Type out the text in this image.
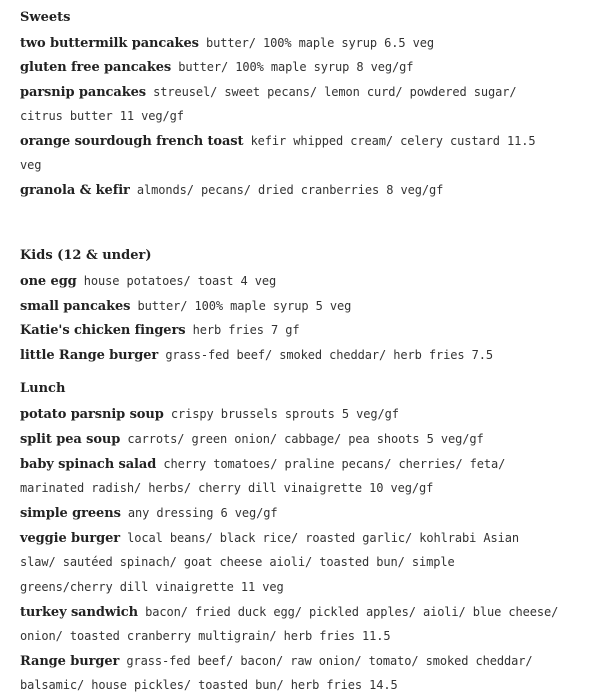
Sweets
two buttermilk pancakes butter/ 100% maple syrup 6.5 veg
gluten free pancakes butter/ 100% maple syrup 8 veg/gf
parsnip pancakes streusel/ sweet pecans/ lemon curd/ powdered sugar/
citrus butter 11 veg/gf
orange sourdough french toast kefir whipped cream/ celery custard 11.5
veg
granola & kefir almonds/ pecans/ dried cranberries 8 veg/gf
Kids (12 & under)
one egg house potatoes/ toast 4 veg
small pancakes butter/ 100% maple syrup 5 veg
Katie's chicken fingers herb fries 7 gf
little Range burger grass-fed beef/ smoked cheddar/ herb fries 7.5
Lunch
potato parsnip soup crispy brussels sprouts 5 veg/gf
split pea soup carrots/ green onion/ cabbage/ pea shoots 5 veg/gf
baby spinach salad cherry tomatoes/ praline pecans/ cherries/ feta/
marinated radish/ herbs/ cherry dill vinaigrette 10 veg/gf
simple greens any dressing 6 veg/gf
veggie burger local beans/ black rice/ roasted garlic/ kohlrabi Asian
slaw/ sautéed spinach/ goat cheese aioli/ toasted bun/ simple
greens/cherry dill vinaigrette 11 veg
turkey sandwich bacon/ fried duck egg/ pickled apples/ aioli/ blue cheese/
onion/ toasted cranberry multigrain/ herb fries 11.5
Range burger grass-fed beef/ bacon/ raw onion/ tomato/ smoked cheddar/
balsamic/ house pickles/ toasted bun/ herb fries 14.5
